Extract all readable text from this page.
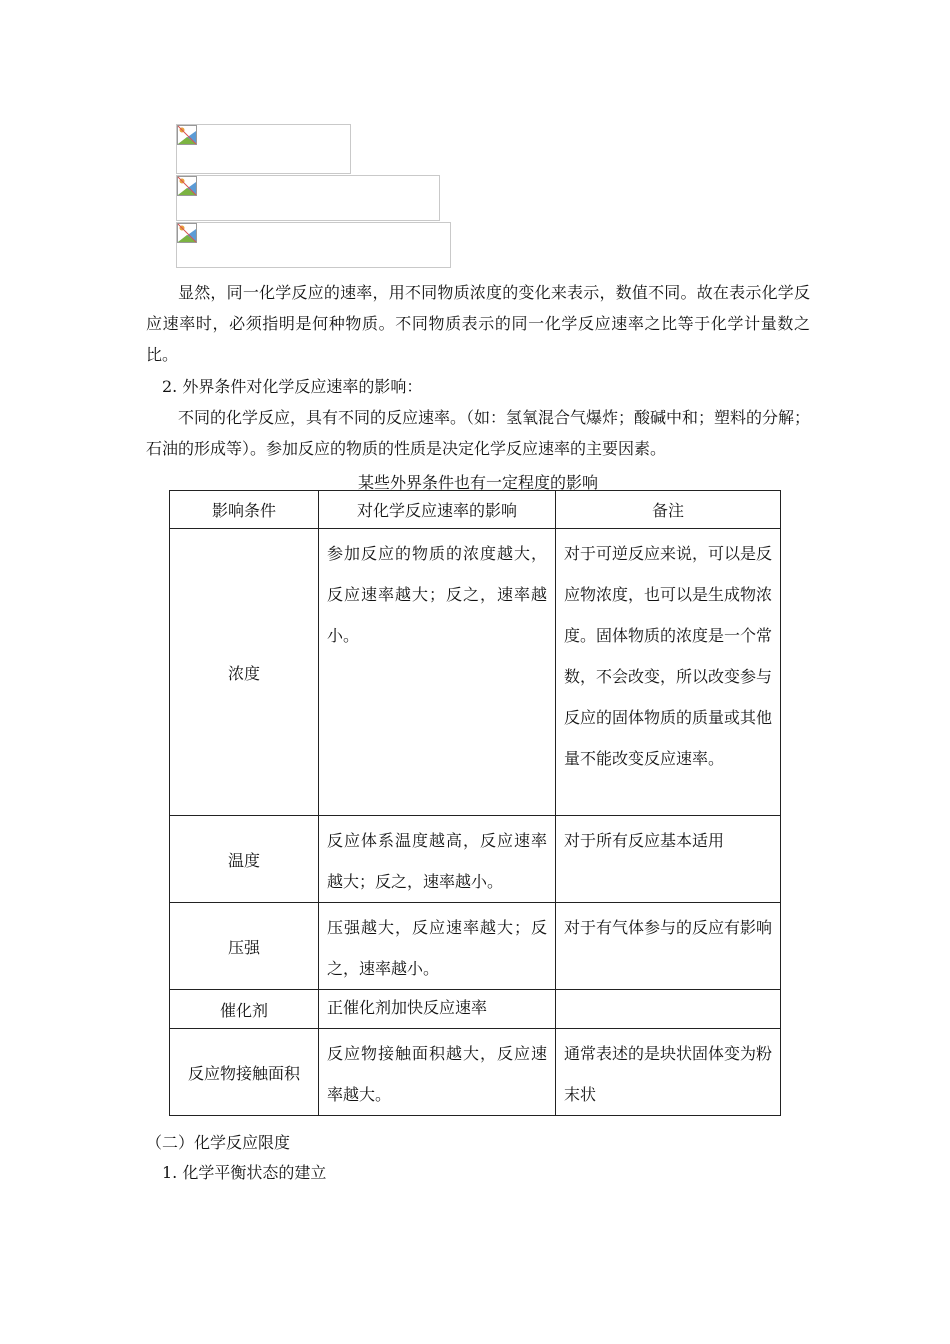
显然，同一化学反应的速率，用不同物质浓度的变化来表示，数值不同。故在表示化学反应速率时，必须指明是何种物质。不同物质表示的同一化学反应速率之比等于化学计量数之比。

2. 外界条件对化学反应速率的影响：

不同的化学反应，具有不同的反应速率。（如：氢氧混合气爆炸；酸碱中和；塑料的分解；石油的形成等）。参加反应的物质的性质是决定化学反应速率的主要因素。

某些外界条件也有一定程度的影响
影响条件	对化学反应速率的影响	备注
浓度	参加反应的物质的浓度越大，反应速率越大；反之，速率越小。	对于可逆反应来说，可以是反应物浓度，也可以是生成物浓度。固体物质的浓度是一个常数，不会改变，所以改变参与反应的固体物质的质量或其他量不能改变反应速率。
温度	反应体系温度越高，反应速率越大；反之，速率越小。	对于所有反应基本适用
压强	压强越大，反应速率越大；反之，速率越小。	对于有气体参与的反应有影响
催化剂	正催化剂加快反应速率	
反应物接触面积	反应物接触面积越大，反应速率越大。	通常表述的是块状固体变为粉末状
（二）化学反应限度
1. 化学平衡状态的建立
